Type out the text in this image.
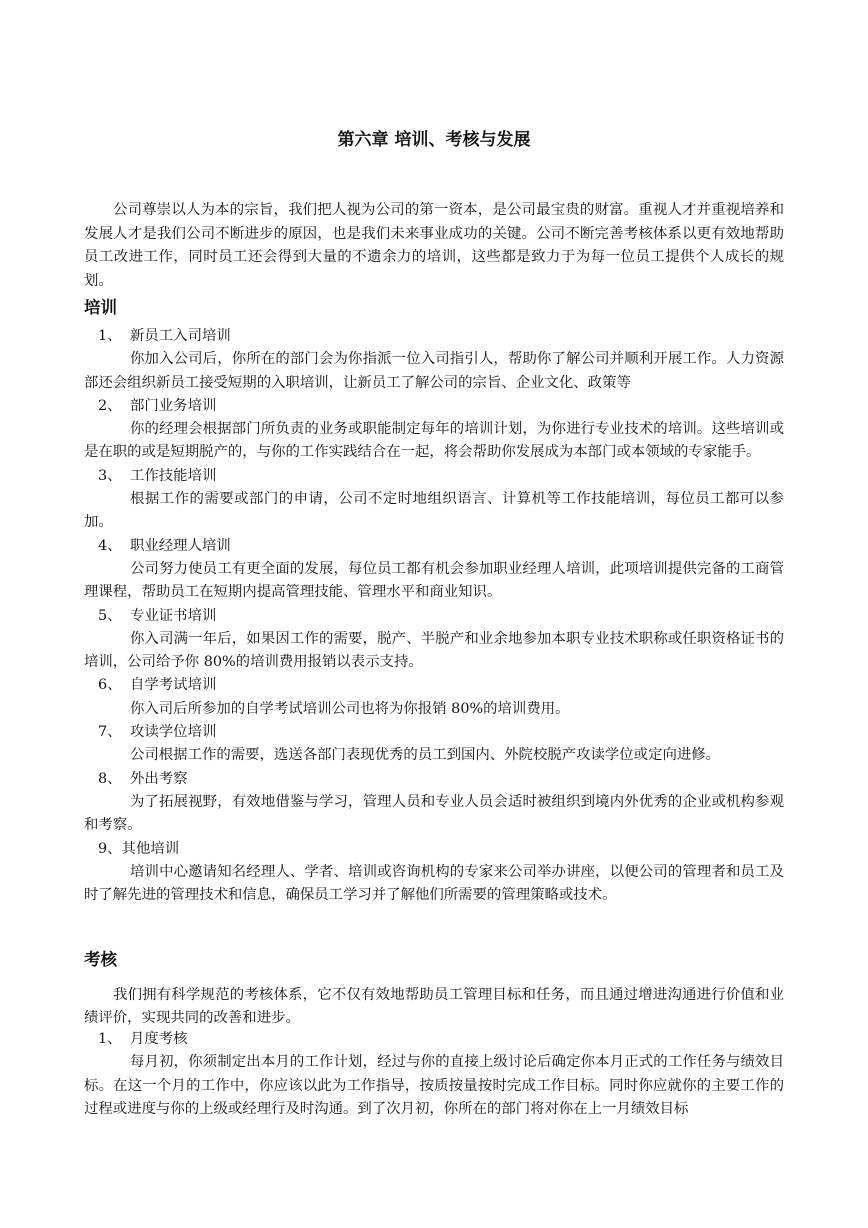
第六章 培训、考核与发展
公司尊崇以人为本的宗旨，我们把人视为公司的第一资本，是公司最宝贵的财富。重视人才并重视培养和发展人才是我们公司不断进步的原因，也是我们未来事业成功的关键。公司不断完善考核体系以更有效地帮助员工改进工作，同时员工还会得到大量的不遗余力的培训，这些都是致力于为每一位员工提供个人成长的规划。
培训
1、 新员工入司培训
你加入公司后，你所在的部门会为你指派一位入司指引人，帮助你了解公司并顺利开展工作。人力资源部还会组织新员工接受短期的入职培训，让新员工了解公司的宗旨、企业文化、政策等
2、 部门业务培训
你的经理会根据部门所负责的业务或职能制定每年的培训计划，为你进行专业技术的培训。这些培训或是在职的或是短期脱产的，与你的工作实践结合在一起，将会帮助你发展成为本部门或本领域的专家能手。
3、 工作技能培训
根据工作的需要或部门的申请，公司不定时地组织语言、计算机等工作技能培训，每位员工都可以参加。
4、 职业经理人培训
公司努力使员工有更全面的发展，每位员工都有机会参加职业经理人培训，此项培训提供完备的工商管理课程，帮助员工在短期内提高管理技能、管理水平和商业知识。
5、 专业证书培训
你入司满一年后，如果因工作的需要，脱产、半脱产和业余地参加本职专业技术职称或任职资格证书的培训，公司给予你 80%的培训费用报销以表示支持。
6、 自学考试培训
你入司后所参加的自学考试培训公司也将为你报销 80%的培训费用。
7、 攻读学位培训
公司根据工作的需要，选送各部门表现优秀的员工到国内、外院校脱产攻读学位或定向进修。
8、 外出考察
为了拓展视野，有效地借鉴与学习，管理人员和专业人员会适时被组织到境内外优秀的企业或机构参观和考察。
9、其他培训
培训中心邀请知名经理人、学者、培训或咨询机构的专家来公司举办讲座，以便公司的管理者和员工及时了解先进的管理技术和信息，确保员工学习并了解他们所需要的管理策略或技术。
考核
我们拥有科学规范的考核体系，它不仅有效地帮助员工管理目标和任务，而且通过增进沟通进行价值和业绩评价，实现共同的改善和进步。
1、 月度考核
每月初，你须制定出本月的工作计划，经过与你的直接上级讨论后确定你本月正式的工作任务与绩效目标。在这一个月的工作中，你应该以此为工作指导，按质按量按时完成工作目标。同时你应就你的主要工作的过程或进度与你的上级或经理行及时沟通。到了次月初，你所在的部门将对你在上一月绩效目标
